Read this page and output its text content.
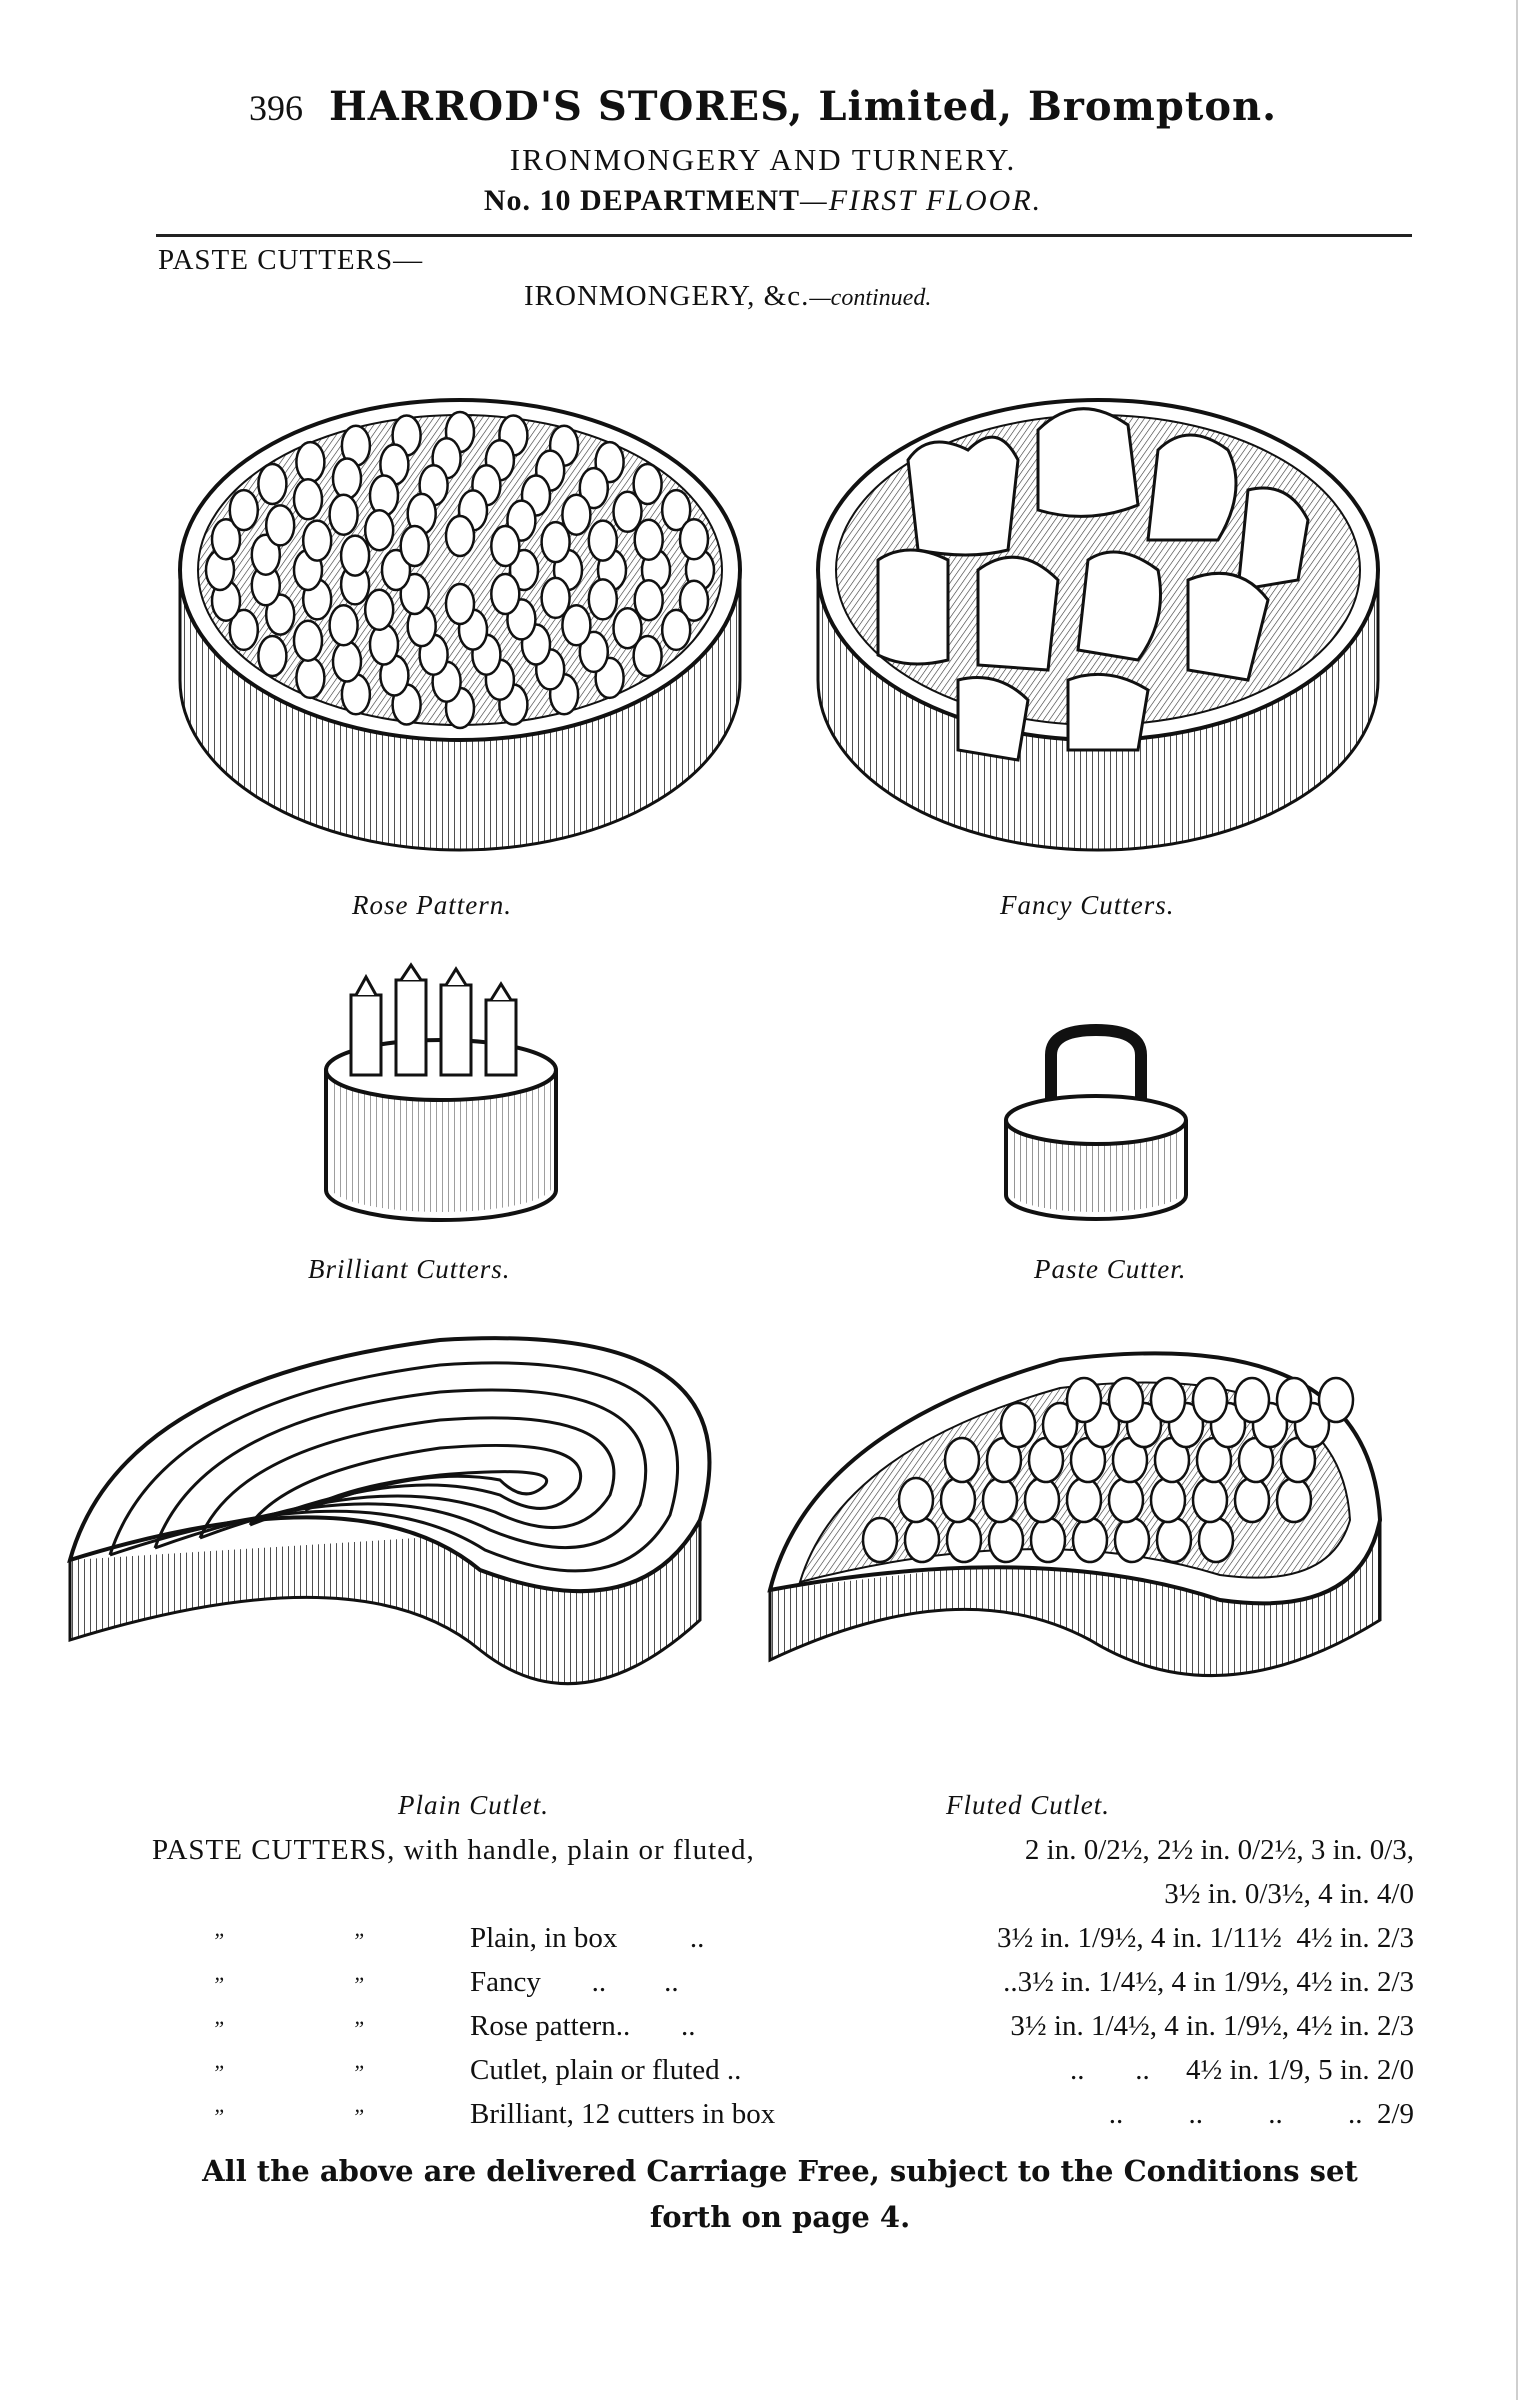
396 HARROD'S STORES, Limited, Brompton.
IRONMONGERY AND TURNERY.
No. 10 DEPARTMENT—FIRST FLOOR.
PASTE CUTTERS—
IRONMONGERY, &c.—continued.
Rose Pattern.	Fancy Cutters.
Brilliant Cutters.	Paste Cutter.
Plain Cutlet.	Fluted Cutlet.
PASTE CUTTERS, with handle, plain or fluted,	2 in. 0/2½, 2½ in. 0/2½, 3 in. 0/3,
3½ in. 0/3½, 4 in. 4/0
”	”	Plain, in box          ..	3½ in. 1/9½, 4 in. 1/11½  4½ in. 2/3
”	”	Fancy       ..        ..	..3½ in. 1/4½, 4 in 1/9½, 4½ in. 2/3
”	”	Rose pattern..       ..	3½ in. 1/4½, 4 in. 1/9½, 4½ in. 2/3
”	”	Cutlet, plain or fluted ..	..       ..     4½ in. 1/9, 5 in. 2/0
”	”	Brilliant, 12 cutters in box	..         ..         ..         ..  2/9
All the above are delivered Carriage Free, subject to the Conditions set
forth on page 4.
